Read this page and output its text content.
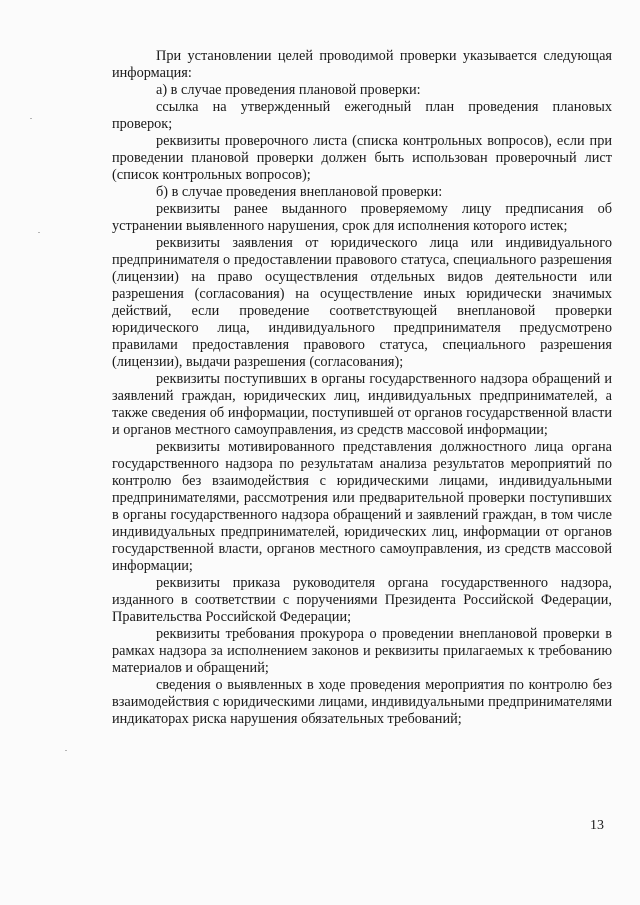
При установлении целей проводимой проверки указывается следующая информация:

а) в случае проведения плановой проверки:

ссылка на утвержденный ежегодный план проведения плановых проверок;

реквизиты проверочного листа (списка контрольных вопросов), если при проведении плановой проверки должен быть использован проверочный лист (список контрольных вопросов);

б) в случае проведения внеплановой проверки:

реквизиты ранее выданного проверяемому лицу предписания об устранении выявленного нарушения, срок для исполнения которого истек;

реквизиты заявления от юридического лица или индивидуального предпринимателя о предоставлении правового статуса, специального разрешения (лицензии) на право осуществления отдельных видов деятельности или разрешения (согласования) на осуществление иных юридически значимых действий, если проведение соответствующей внеплановой проверки юридического лица, индивидуального предпринимателя предусмотрено правилами предоставления правового статуса, специального разрешения (лицензии), выдачи разрешения (согласования);

реквизиты поступивших в органы государственного надзора обращений и заявлений граждан, юридических лиц, индивидуальных предпринимателей, а также сведения об информации, поступившей от органов государственной власти и органов местного самоуправления, из средств массовой информации;

реквизиты мотивированного представления должностного лица органа государственного надзора по результатам анализа результатов мероприятий по контролю без взаимодействия с юридическими лицами, индивидуальными предпринимателями, рассмотрения или предварительной проверки поступивших в органы государственного надзора обращений и заявлений граждан, в том числе индивидуальных предпринимателей, юридических лиц, информации от органов государственной власти, органов местного самоуправления, из средств массовой информации;

реквизиты приказа руководителя органа государственного надзора, изданного в соответствии с поручениями Президента Российской Федерации, Правительства Российской Федерации;

реквизиты требования прокурора о проведении внеплановой проверки в рамках надзора за исполнением законов и реквизиты прилагаемых к требованию материалов и обращений;

сведения о выявленных в ходе проведения мероприятия по контролю без взаимодействия с юридическими лицами, индивидуальными предпринимателями индикаторах риска нарушения обязательных требований;

13
